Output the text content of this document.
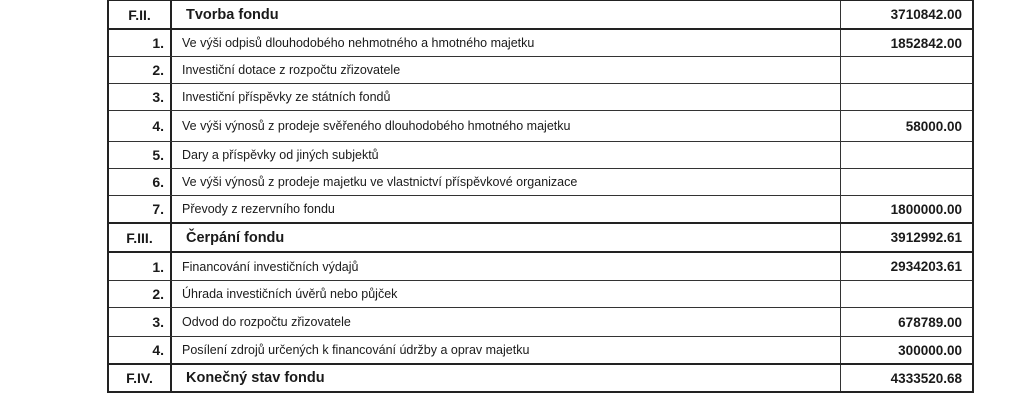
F.II.	Tvorba fondu	3710842.00
1.	Ve výši odpisů dlouhodobého nehmotného a hmotného majetku	1852842.00
2.	Investiční dotace z rozpočtu zřizovatele
3.	Investiční příspěvky ze státních fondů
4.	Ve výši výnosů z prodeje svěřeného dlouhodobého hmotného majetku	58000.00
5.	Dary a příspěvky od jiných subjektů
6.	Ve výši výnosů z prodeje majetku ve vlastnictví příspěvkové organizace
7.	Převody z rezervního fondu	1800000.00
F.III.	Čerpání fondu	3912992.61
1.	Financování investičních výdajů	2934203.61
2.	Úhrada investičních úvěrů nebo půjček
3.	Odvod do rozpočtu zřizovatele	678789.00
4.	Posílení zdrojů určených k financování údržby a oprav majetku	300000.00
F.IV.	Konečný stav fondu	4333520.68
